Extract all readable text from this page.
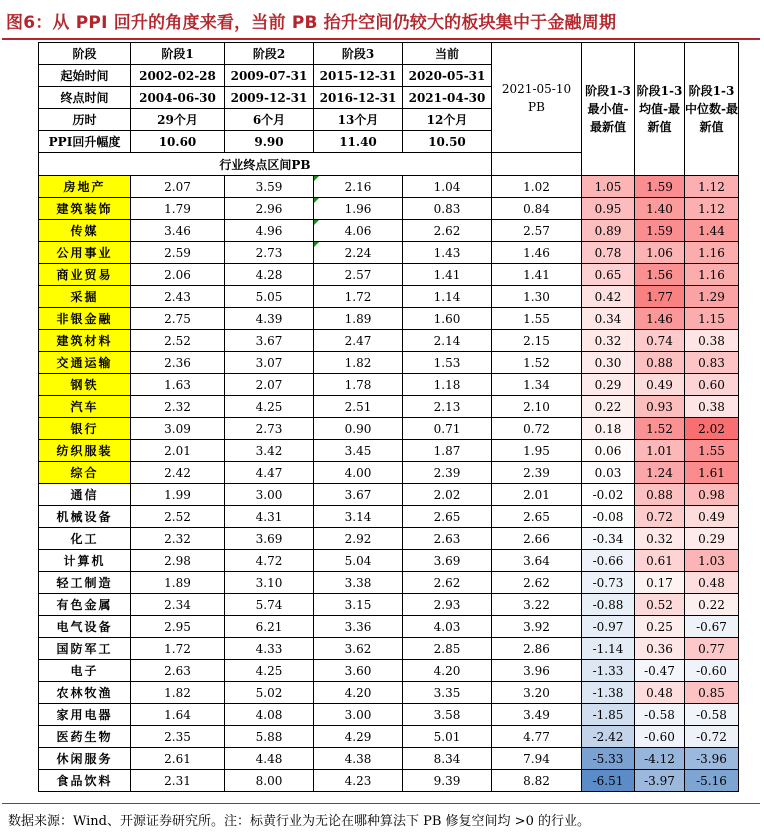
图6：从 PPI 回升的角度来看，当前 PB 抬升空间仍较大的板块集中于金融周期
阶段	阶段1	阶段2	阶段3	当前	2021-05-10 PB	阶段1-3最小值-最新值	阶段1-3均值-最新值	阶段1-3中位数-最新值
起始时间	2002-02-28	2009-07-31	2015-12-31	2020-05-31				
终点时间	2004-06-30	2009-12-31	2016-12-31	2021-04-30				
历时	29个月	6个月	13个月	12个月				
PPI回升幅度	10.60	9.90	11.40	10.50				
行业终点区间PB								
房地产	2.07	3.59	2.16	1.04	1.02	1.05	1.59	1.12
建筑装饰	1.79	2.96	1.96	0.83	0.84	0.95	1.40	1.12
传媒	3.46	4.96	4.06	2.62	2.57	0.89	1.59	1.44
公用事业	2.59	2.73	2.24	1.43	1.46	0.78	1.06	1.16
商业贸易	2.06	4.28	2.57	1.41	1.41	0.65	1.56	1.16
采掘	2.43	5.05	1.72	1.14	1.30	0.42	1.77	1.29
非银金融	2.75	4.39	1.89	1.60	1.55	0.34	1.46	1.15
建筑材料	2.52	3.67	2.47	2.14	2.15	0.32	0.74	0.38
交通运输	2.36	3.07	1.82	1.53	1.52	0.30	0.88	0.83
钢铁	1.63	2.07	1.78	1.18	1.34	0.29	0.49	0.60
汽车	2.32	4.25	2.51	2.13	2.10	0.22	0.93	0.38
银行	3.09	2.73	0.90	0.71	0.72	0.18	1.52	2.02
纺织服装	2.01	3.42	3.45	1.87	1.95	0.06	1.01	1.55
综合	2.42	4.47	4.00	2.39	2.39	0.03	1.24	1.61
通信	1.99	3.00	3.67	2.02	2.01	-0.02	0.88	0.98
机械设备	2.52	4.31	3.14	2.65	2.65	-0.08	0.72	0.49
化工	2.32	3.69	2.92	2.63	2.66	-0.34	0.32	0.29
计算机	2.98	4.72	5.04	3.69	3.64	-0.66	0.61	1.03
轻工制造	1.89	3.10	3.38	2.62	2.62	-0.73	0.17	0.48
有色金属	2.34	5.74	3.15	2.93	3.22	-0.88	0.52	0.22
电气设备	2.95	6.21	3.36	4.03	3.92	-0.97	0.25	-0.67
国防军工	1.72	4.33	3.62	2.85	2.86	-1.14	0.36	0.77
电子	2.63	4.25	3.60	4.20	3.96	-1.33	-0.47	-0.60
农林牧渔	1.82	5.02	4.20	3.35	3.20	-1.38	0.48	0.85
家用电器	1.64	4.08	3.00	3.58	3.49	-1.85	-0.58	-0.58
医药生物	2.35	5.88	4.29	5.01	4.77	-2.42	-0.60	-0.72
休闲服务	2.61	4.48	4.38	8.34	7.94	-5.33	-4.12	-3.96
食品饮料	2.31	8.00	4.23	9.39	8.82	-6.51	-3.97	-5.16
数据来源：Wind、开源证券研究所。注：标黄行业为无论在哪种算法下 PB 修复空间均 >0 的行业。
